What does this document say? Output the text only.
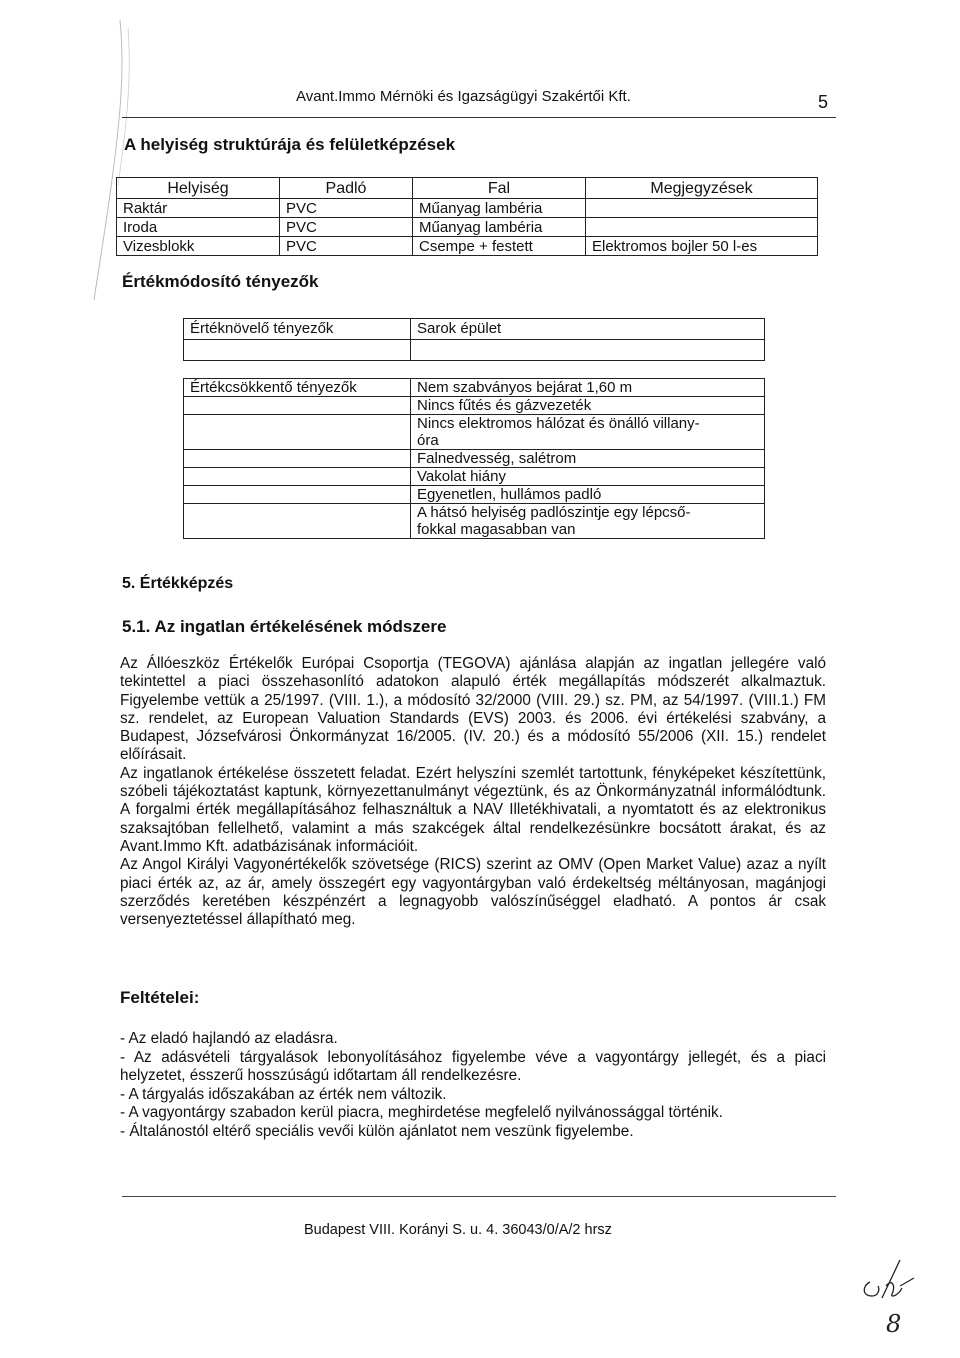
Avant.Immo Mérnöki és Igazságügyi Szakértői Kft.	5
A helyiség struktúrája és felületképzések
Helyiség	Padló	Fal	Megjegyzések
Raktár	PVC	Műanyag lambéria	
Iroda	PVC	Műanyag lambéria	
Vizesblokk	PVC	Csempe + festett	Elektromos bojler 50 l-es
Értékmódosító tényezők
Értéknövelő tényezők	Sarok épület

Értékcsökkentő tényezők	Nem szabványos bejárat 1,60 m
	Nincs fűtés és gázvezeték
	Nincs elektromos hálózat és önálló villany-
óra
	Falnedvesség, salétrom
	Vakolat hiány
	Egyenetlen, hullámos padló
	A hátsó helyiség padlószintje egy lépcső-
fokkal magasabban van
5. Értékképzés
5.1. Az ingatlan értékelésének módszere

Az Állóeszköz Értékelők Európai Csoportja (TEGOVA) ajánlása alapján az ingatlan jellegére való tekintettel a piaci összehasonlító adatokon alapuló érték megállapítás módszerét alkalmaztuk. Figyelembe vettük a 25/1997. (VIII. 1.), a módosító 32/2000 (VIII. 29.) sz. PM, az 54/1997. (VIII.1.) FM sz. rendelet, az European Valuation Standards (EVS) 2003. és 2006. évi értékelési szabvány, a Budapest, Józsefvárosi Önkormányzat 16/2005. (IV. 20.) és a módosító 55/2006 (XII. 15.) rendelet előírásait.

Az ingatlanok értékelése összetett feladat. Ezért helyszíni szemlét tartottunk, fényképeket készítettünk, szóbeli tájékoztatást kaptunk, környezettanulmányt végeztünk, és az Önkormányzatnál informálódtunk. A forgalmi érték megállapításához felhasználtuk a NAV Illetékhivatali, a nyomtatott és az elektronikus szaksajtóban fellelhető, valamint a más szakcégek által rendelkezésünkre bocsátott árakat, és az Avant.Immo Kft. adatbázisának információit.

Az Angol Királyi Vagyonértékelők szövetsége (RICS) szerint az OMV (Open Market Value) azaz a nyílt piaci érték az, az ár, amely összegért egy vagyontárgyban való érdekeltség méltányosan, magánjogi szerződés keretében készpénzért a legnagyobb valószínűséggel eladható. A pontos ár csak versenyeztetéssel állapítható meg.

Feltételei:

- Az eladó hajlandó az eladásra.

- Az adásvételi tárgyalások lebonyolításához figyelembe véve a vagyontárgy jellegét, és a piaci helyzetet, ésszerű hosszúságú időtartam áll rendelkezésre.

- A tárgyalás időszakában az érték nem változik.

- A vagyontárgy szabadon kerül piacra, meghirdetése megfelelő nyilvánossággal történik.

- Általánostól eltérő speciális vevői külön ajánlatot nem veszünk figyelembe.

Budapest VIII. Korányi S. u. 4. 36043/0/A/2 hrsz
8
